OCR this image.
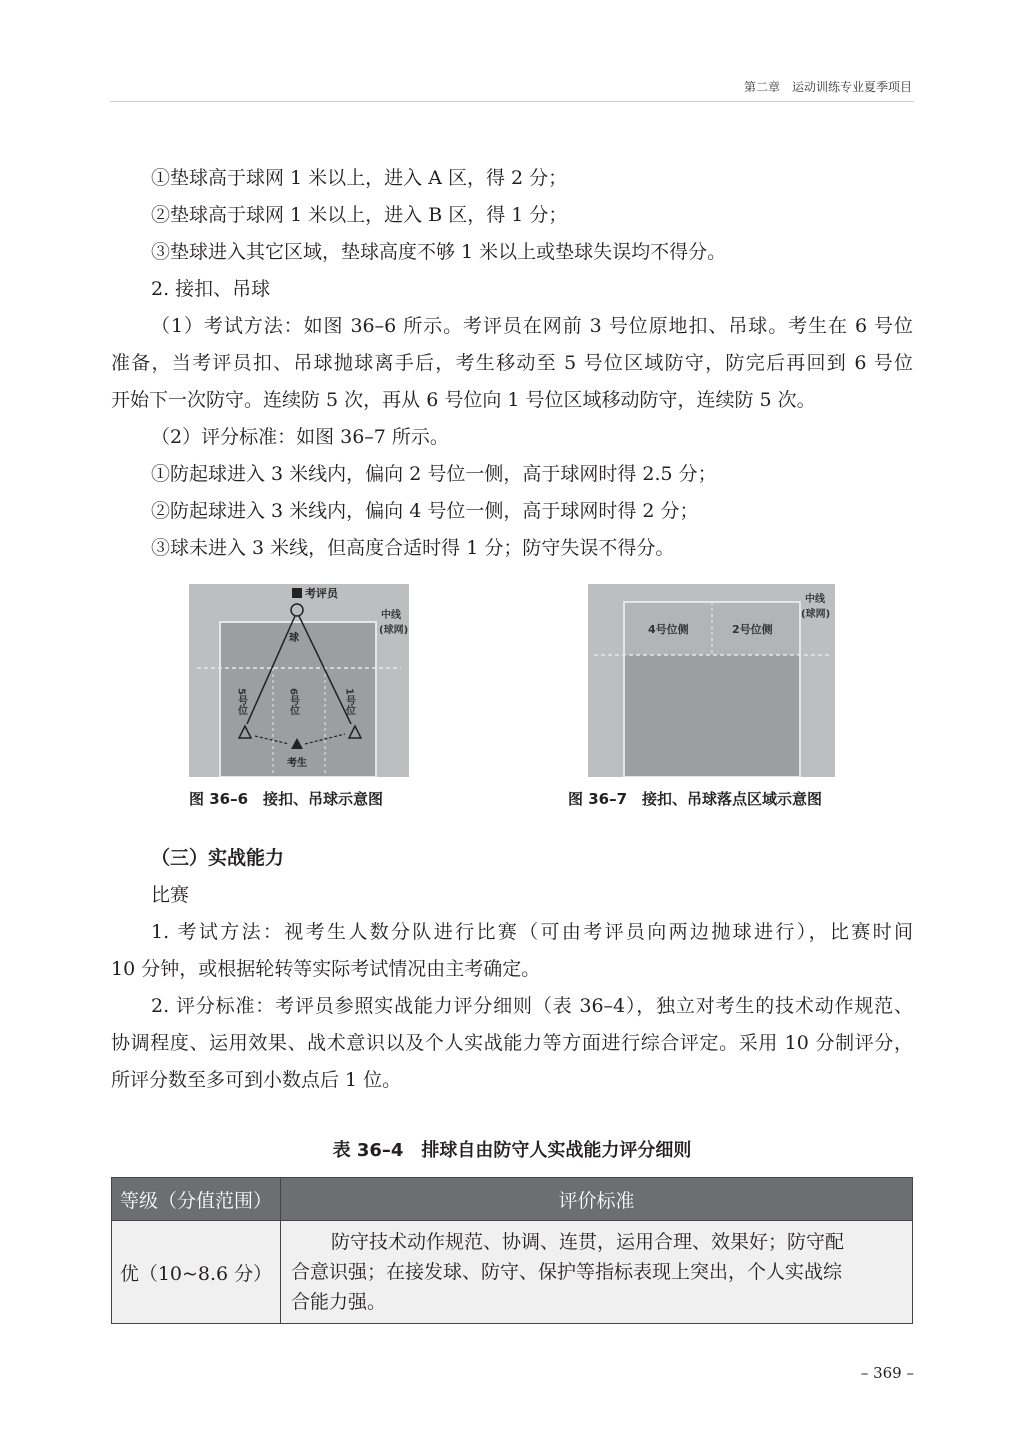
第二章　运动训练专业夏季项目

①垫球高于球网 1 米以上，进入 A 区，得 2 分；

②垫球高于球网 1 米以上，进入 B 区，得 1 分；

③垫球进入其它区域，垫球高度不够 1 米以上或垫球失误均不得分。

2. 接扣、吊球

（1）考试方法：如图 36–6 所示。考评员在网前 3 号位原地扣、吊球。考生在 6 号位

准备，当考评员扣、吊球抛球离手后，考生移动至 5 号位区域防守，防完后再回到 6 号位

开始下一次防守。连续防 5 次，再从 6 号位向 1 号位区域移动防守，连续防 5 次。

（2）评分标准：如图 36–7 所示。

①防起球进入 3 米线内，偏向 2 号位一侧，高于球网时得 2.5 分；

②防起球进入 3 米线内，偏向 4 号位一侧，高于球网时得 2 分；

③球未进入 3 米线，但高度合适时得 1 分；防守失误不得分。

考评员
球
中线
(球网)
5号位	6号位	1号位
考生
图 36–6　接扣、吊球示意图
4号位侧	2号位侧
中线
(球网)
图 36–7　接扣、吊球落点区域示意图

（三）实战能力

比赛

1. 考试方法：视考生人数分队进行比赛（可由考评员向两边抛球进行），比赛时间

10 分钟，或根据轮转等实际考试情况由主考确定。

2. 评分标准：考评员参照实战能力评分细则（表 36–4），独立对考生的技术动作规范、

协调程度、运用效果、战术意识以及个人实战能力等方面进行综合评定。采用 10 分制评分，

所评分数至多可到小数点后 1 位。

表 36–4　排球自由防守人实战能力评分细则
等级（分值范围）	评价标准
优（10~8.6 分）	防守技术动作规范、协调、连贯，运用合理、效果好；防守配
合意识强；在接发球、防守、保护等指标表现上突出，个人实战综
合能力强。
– 369 –
